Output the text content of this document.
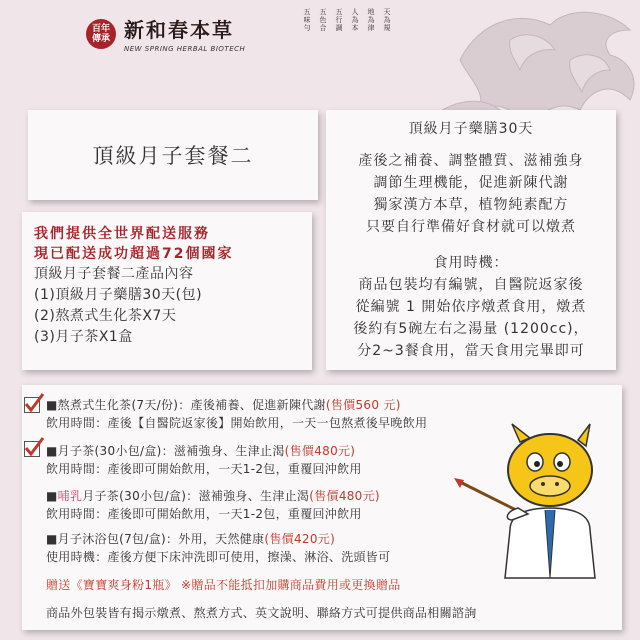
百年傳承 新和春本草
NEW SPRING HERBAL BIOTECH
天為規
地為律
人為本
五行調
五色合
五味勻
頂級月子套餐二
頂級月子藥膳30天
產後之補養、調整體質、滋補強身
調節生理機能，促進新陳代謝
獨家漢方本草，植物純素配方
只要自行準備好食材就可以燉煮
食用時機：
商品包裝均有編號，自醫院返家後
從編號 1 開始依序燉煮食用，燉煮
後約有5碗左右之湯量 (1200cc)，
分2~3餐食用，當天食用完畢即可
我們提供全世界配送服務
現已配送成功超過72個國家
頂級月子套餐二產品內容
(1)頂級月子藥膳30天(包)
(2)熬煮式生化茶X7天
(3)月子茶X1盒
■熬煮式生化茶(7天/份)：產後補養、促進新陳代謝(售價560 元)
飲用時間：產後【自醫院返家後】開始飲用，一天一包熬煮後早晚飲用
■月子茶(30小包/盒)：滋補強身、生津止渴(售價480元)
飲用時間：產後即可開始飲用，一天1-2包，重覆回沖飲用
■哺乳月子茶(30小包/盒)：滋補強身、生津止渴(售價480元)
飲用時間：產後即可開始飲用，一天1-2包，重覆回沖飲用
■月子沐浴包(7包/盒)：外用，天然健康(售價420元)
使用時機：產後方便下床沖洗即可使用，擦澡、淋浴、洗頭皆可
贈送《寶寶爽身粉1瓶》 ※贈品不能抵扣加購商品費用或更換贈品
商品外包裝皆有揭示燉煮、熬煮方式、英文說明、聯絡方式可提供商品相關諮詢
